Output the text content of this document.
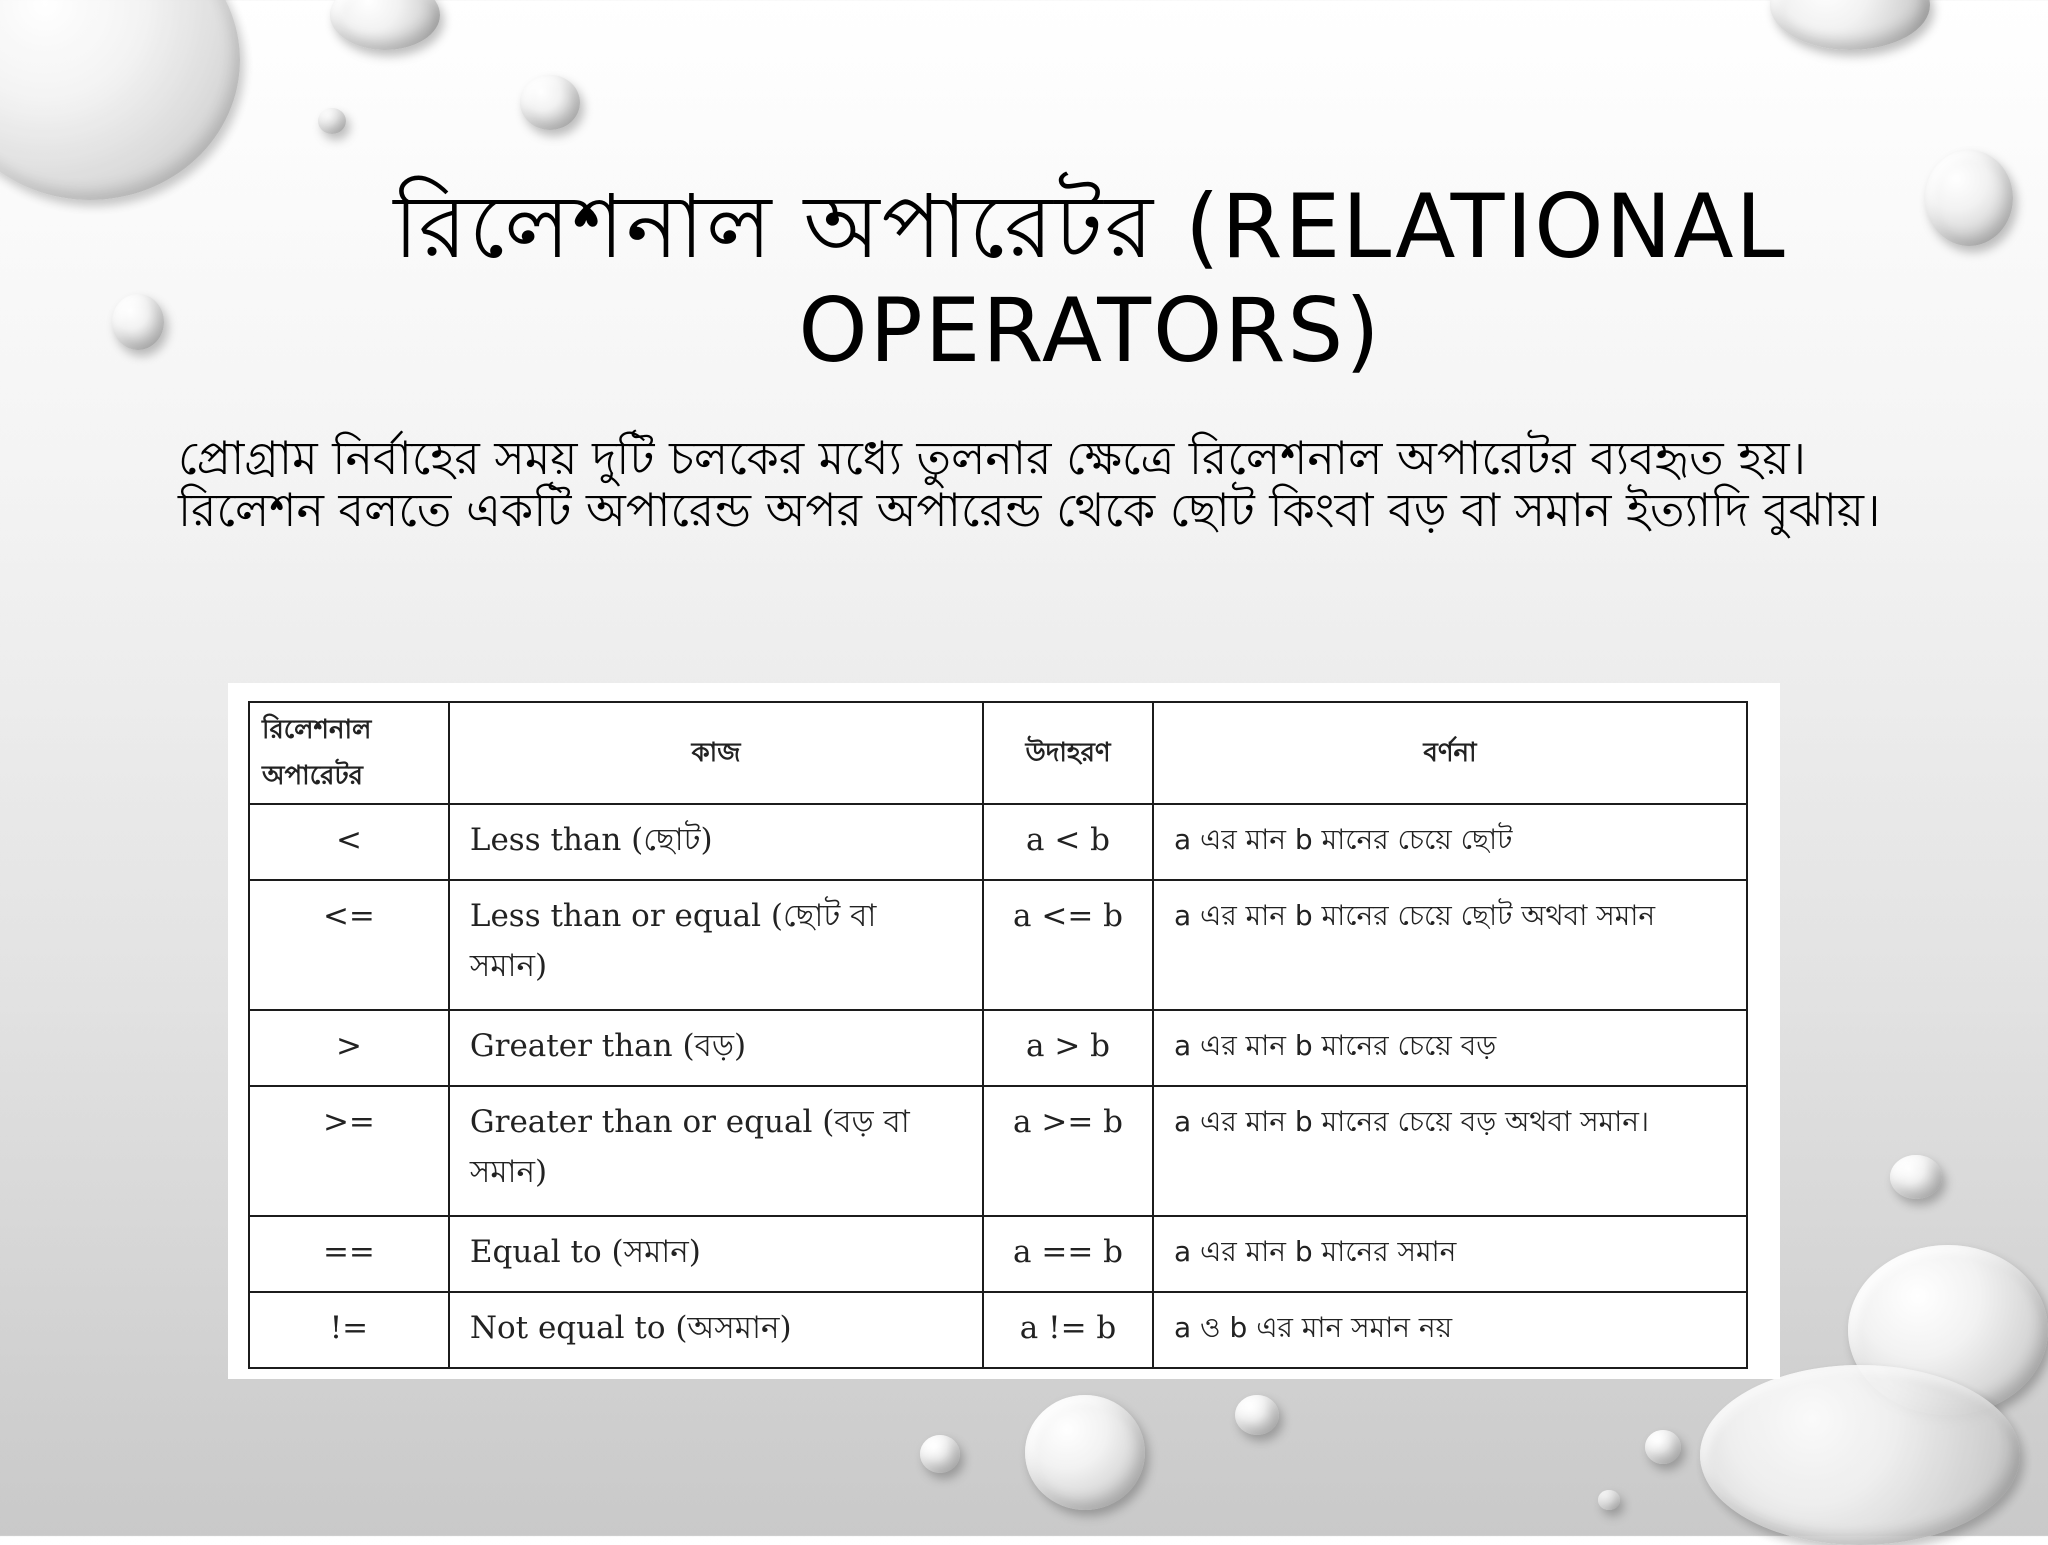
রিলেশনাল অপারেটর (RELATIONAL OPERATORS)
প্রোগ্রাম নির্বাহের সময় দুটি চলকের মধ্যে তুলনার ক্ষেত্রে রিলেশনাল অপারেটর ব্যবহৃত হয়। রিলেশন বলতে একটি অপারেন্ড অপর অপারেন্ড থেকে ছোট কিংবা বড় বা সমান ইত্যাদি বুঝায়।
রিলেশনাল অপারেটর	কাজ	উদাহরণ	বর্ণনা
<	Less than (ছোট)	a < b	a এর মান b মানের চেয়ে ছোট
<=	Less than or equal (ছোট বা সমান)	a <= b	a এর মান b মানের চেয়ে ছোট অথবা সমান
>	Greater than (বড়)	a > b	a এর মান b মানের চেয়ে বড়
>=	Greater than or equal (বড় বা সমান)	a >= b	a এর মান b মানের চেয়ে বড় অথবা সমান।
==	Equal to (সমান)	a == b	a এর মান b মানের সমান
!=	Not equal to (অসমান)	a != b	a ও b এর মান সমান নয়
